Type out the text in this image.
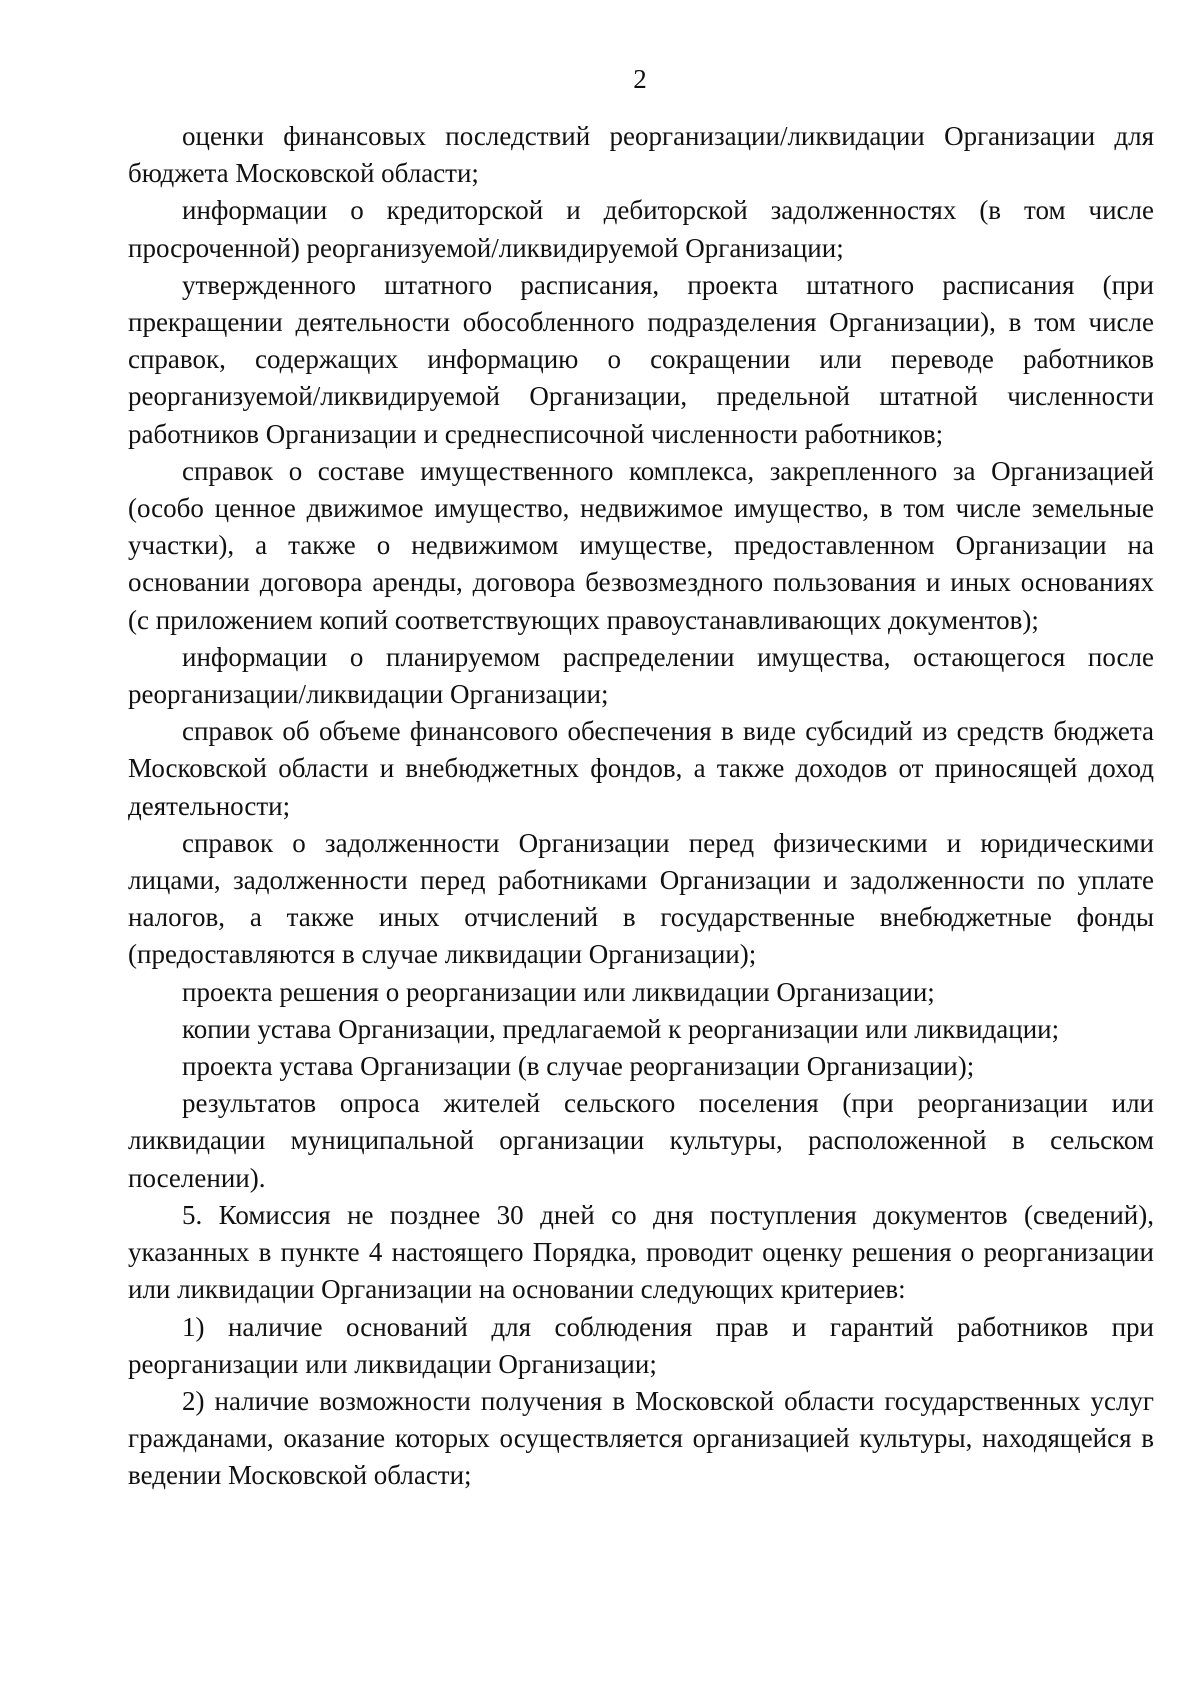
2

оценки финансовых последствий реорганизации/ликвидации Организации для бюджета Московской области;

информации о кредиторской и дебиторской задолженностях (в том числе просроченной) реорганизуемой/ликвидируемой Организации;

утвержденного штатного расписания, проекта штатного расписания (при прекращении деятельности обособленного подразделения Организации), в том числе справок, содержащих информацию о сокращении или переводе работников реорганизуемой/ликвидируемой Организации, предельной штатной численности работников Организации и среднесписочной численности работников;

справок о составе имущественного комплекса, закрепленного за Организацией (особо ценное движимое имущество, недвижимое имущество, в том числе земельные участки), а также о недвижимом имуществе, предоставленном Организации на основании договора аренды, договора безвозмездного пользования и иных основаниях (с приложением копий соответствующих правоустанавливающих документов);

информации о планируемом распределении имущества, остающегося после реорганизации/ликвидации Организации;

справок об объеме финансового обеспечения в виде субсидий из средств бюджета Московской области и внебюджетных фондов, а также доходов от приносящей доход деятельности;

справок о задолженности Организации перед физическими и юридическими лицами, задолженности перед работниками Организации и задолженности по уплате налогов, а также иных отчислений в государственные внебюджетные фонды (предоставляются в случае ликвидации Организации);

проекта решения о реорганизации или ликвидации Организации;

копии устава Организации, предлагаемой к реорганизации или ликвидации;

проекта устава Организации (в случае реорганизации Организации);

результатов опроса жителей сельского поселения (при реорганизации или ликвидации муниципальной организации культуры, расположенной в сельском поселении).

5. Комиссия не позднее 30 дней со дня поступления документов (сведений), указанных в пункте 4 настоящего Порядка, проводит оценку решения о реорганизации или ликвидации Организации на основании следующих критериев:

1) наличие оснований для соблюдения прав и гарантий работников при реорганизации или ликвидации Организации;

2) наличие возможности получения в Московской области государственных услуг гражданами, оказание которых осуществляется организацией культуры, находящейся в ведении Московской области;
